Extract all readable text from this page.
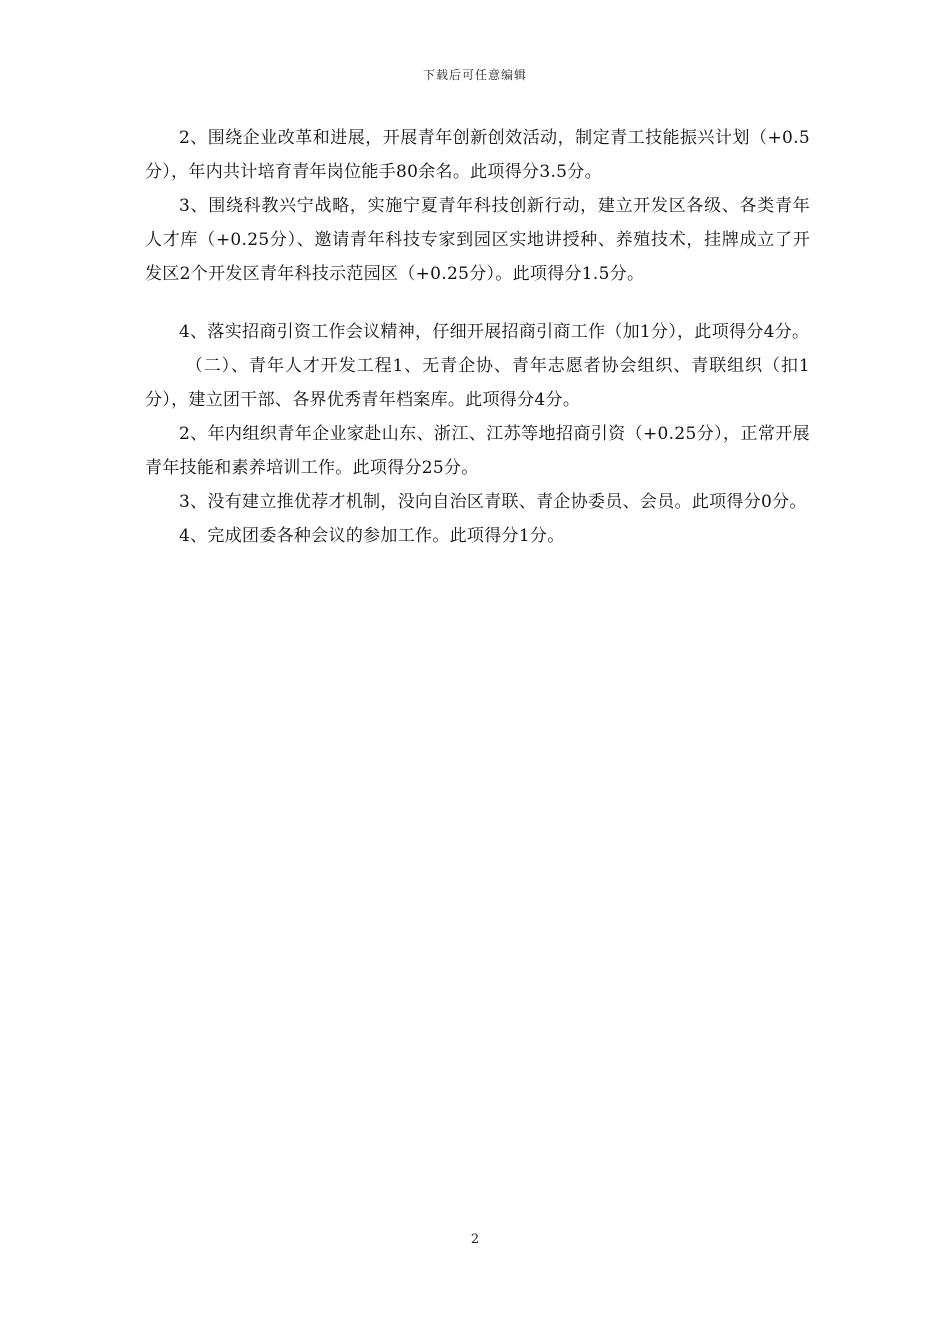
下载后可任意编辑

2、围绕企业改革和进展，开展青年创新创效活动，制定青工技能振兴计划（+0.5分），年内共计培育青年岗位能手80余名。此项得分3.5分。

3、围绕科教兴宁战略，实施宁夏青年科技创新行动，建立开发区各级、各类青年人才库（+0.25分）、邀请青年科技专家到园区实地讲授种、养殖技术，挂牌成立了开发区2个开发区青年科技示范园区（+0.25分）。此项得分1.5分。

4、落实招商引资工作会议精神，仔细开展招商引商工作（加1分），此项得分4分。

（二）、青年人才开发工程1、无青企协、青年志愿者协会组织、青联组织（扣1分），建立团干部、各界优秀青年档案库。此项得分4分。

2、年内组织青年企业家赴山东、浙江、江苏等地招商引资（+0.25分），正常开展青年技能和素养培训工作。此项得分25分。

3、没有建立推优荐才机制，没向自治区青联、青企协委员、会员。此项得分0分。

4、完成团委各种会议的参加工作。此项得分1分。

2
